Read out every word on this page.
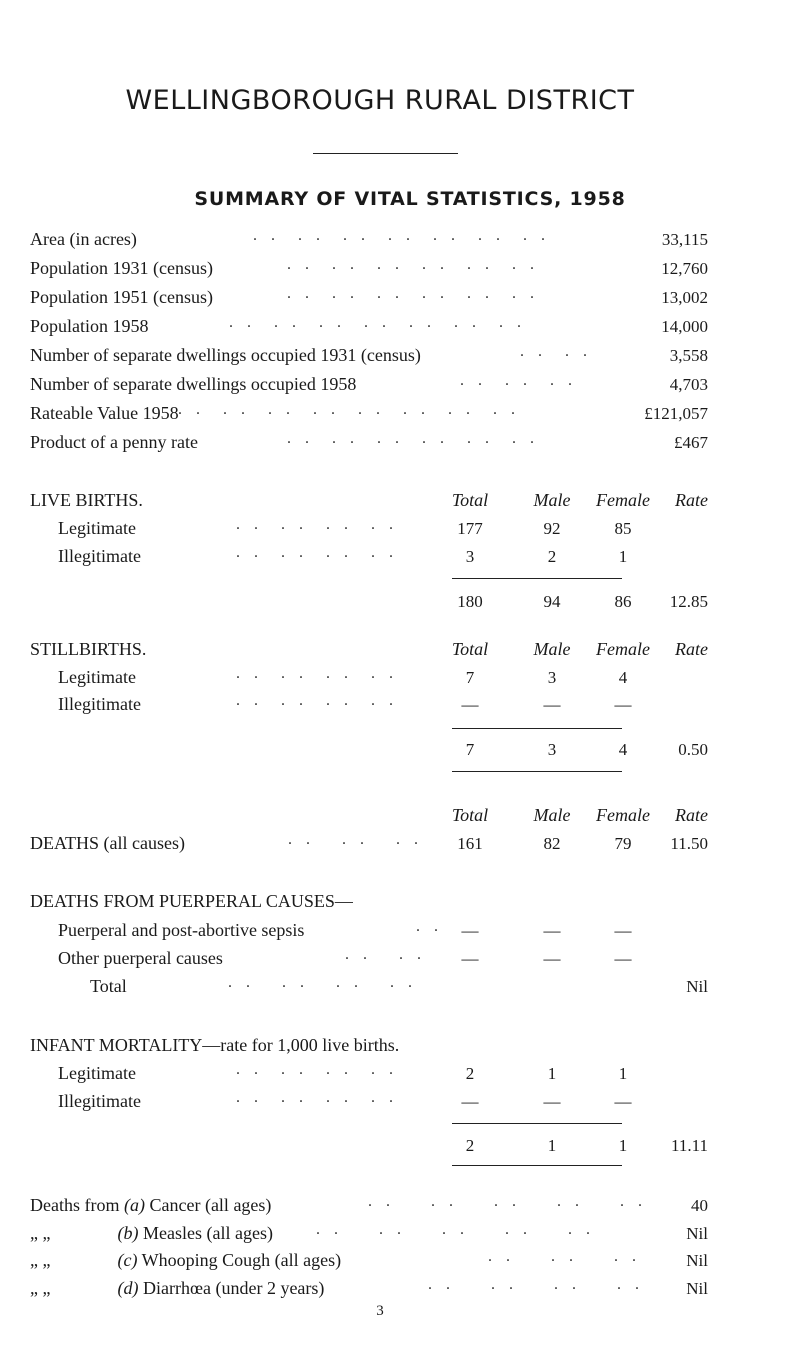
WELLINGBOROUGH RURAL DISTRICT
SUMMARY OF VITAL STATISTICS, 1958
Area (in acres)	. .  . .  . .  . .  . .  . .  . .	33,115
Population 1931 (census)	. .  . .  . .  . .  . .  . .	12,760
Population 1951 (census)	. .  . .  . .  . .  . .  . .	13,002
Population 1958	. .  . .  . .  . .  . .  . .  . .	14,000
Number of separate dwellings occupied 1931 (census)	. .  . .	3,558
Number of separate dwellings occupied 1958	. .  . .  . .	4,703
Rateable Value 1958 . .  . .  . .  . .  . .  . .  . .  . .	£121,057
Product of a penny rate	. .  . .  . .  . .  . .  . .	£467
LIVE BIRTHS.	Total	Male	Female	Rate
Legitimate	. .  . .  . .  . .	177	92	85
Illegitimate	. .  . .  . .  . .	3	2	1
180	94	86	12.85
STILLBIRTHS.	Total	Male	Female	Rate
Legitimate	. .  . .  . .  . .	7	3	4
Illegitimate	. .  . .  . .  . .	—	—	—
7	3	4	0.50
Total	Male	Female	Rate
DEATHS (all causes)	. .   . .   . .	161	82	79	11.50
DEATHS FROM PUERPERAL CAUSES—
Puerperal and post-abortive sepsis	. .	—	—	—
Other puerperal causes	. .   . .	—	—	—
Total	. .   . .   . .   . .	Nil
INFANT MORTALITY—rate for 1,000 live births.
Legitimate	. .  . .  . .  . .	2	1	1
Illegitimate	. .  . .  . .  . .	—	—	—
2	1	1	11.11
Deaths from (a) Cancer (all ages)	. .    . .    . .    . .    . .	40
„ „	(b) Measles (all ages)	. .    . .    . .    . .    . .	Nil
„ „	(c) Whooping Cough (all ages)	. .    . .    . .	Nil
„ „	(d) Diarrhœa (under 2 years)	. .    . .    . .    . . Nil
3
